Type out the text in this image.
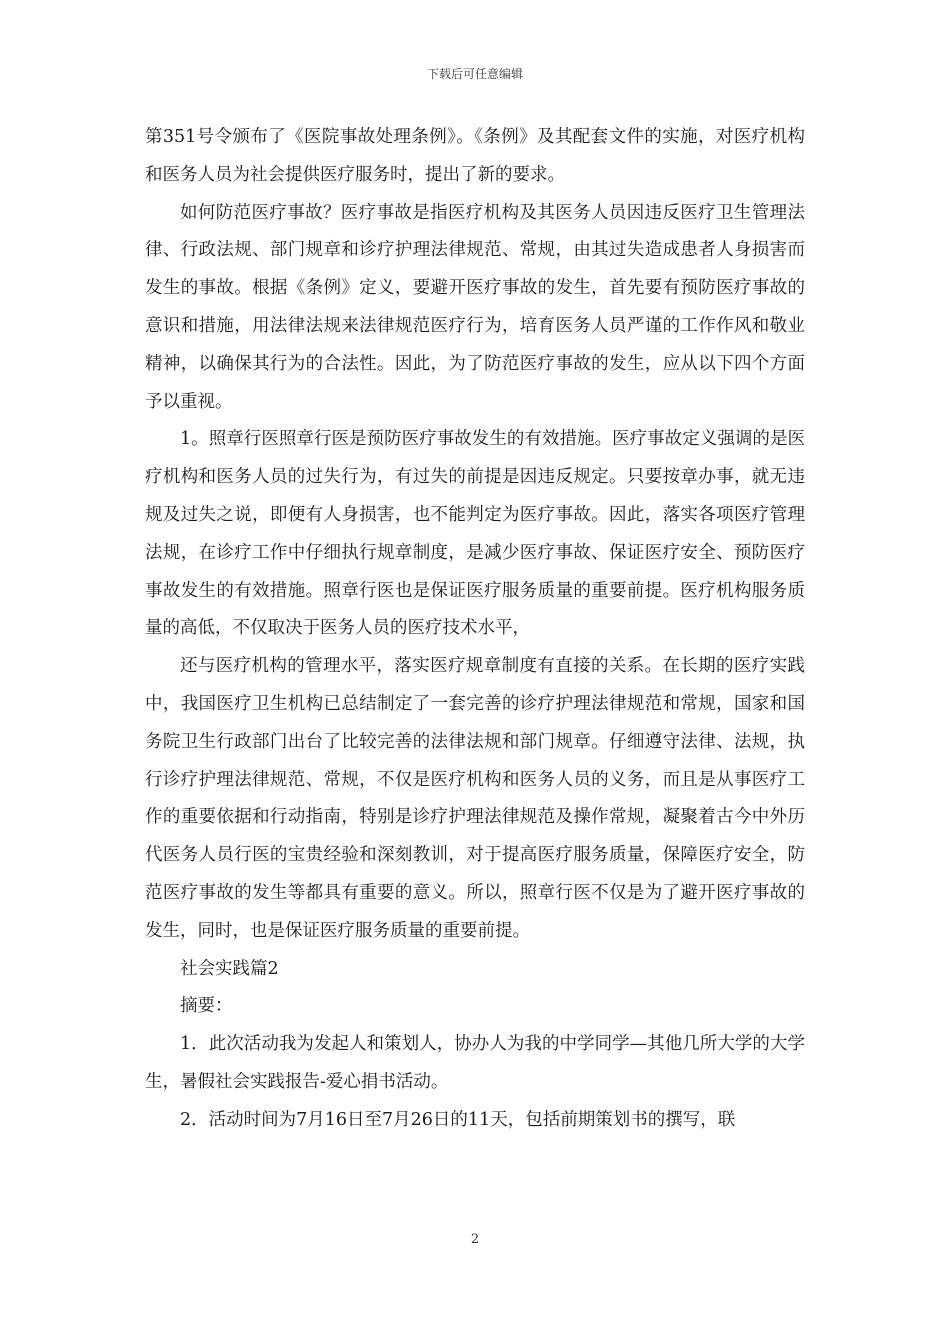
下载后可任意编辑

第351号令颁布了《医院事故处理条例》。《条例》及其配套文件的实施，对医疗机构和医务人员为社会提供医疗服务时，提出了新的要求。

如何防范医疗事故？医疗事故是指医疗机构及其医务人员因违反医疗卫生管理法律、行政法规、部门规章和诊疗护理法律规范、常规，由其过失造成患者人身损害而发生的事故。根据《条例》定义，要避开医疗事故的发生，首先要有预防医疗事故的意识和措施，用法律法规来法律规范医疗行为，培育医务人员严谨的工作作风和敬业精神，以确保其行为的合法性。因此，为了防范医疗事故的发生，应从以下四个方面予以重视。

1。照章行医照章行医是预防医疗事故发生的有效措施。医疗事故定义强调的是医疗机构和医务人员的过失行为，有过失的前提是因违反规定。只要按章办事，就无违规及过失之说，即便有人身损害，也不能判定为医疗事故。因此，落实各项医疗管理法规，在诊疗工作中仔细执行规章制度，是减少医疗事故、保证医疗安全、预防医疗事故发生的有效措施。照章行医也是保证医疗服务质量的重要前提。医疗机构服务质量的高低，不仅取决于医务人员的医疗技术水平，

还与医疗机构的管理水平，落实医疗规章制度有直接的关系。在长期的医疗实践中，我国医疗卫生机构已总结制定了一套完善的诊疗护理法律规范和常规，国家和国务院卫生行政部门出台了比较完善的法律法规和部门规章。仔细遵守法律、法规，执行诊疗护理法律规范、常规，不仅是医疗机构和医务人员的义务，而且是从事医疗工作的重要依据和行动指南，特别是诊疗护理法律规范及操作常规，凝聚着古今中外历代医务人员行医的宝贵经验和深刻教训，对于提高医疗服务质量，保障医疗安全，防范医疗事故的发生等都具有重要的意义。所以，照章行医不仅是为了避开医疗事故的发生，同时，也是保证医疗服务质量的重要前提。

社会实践篇2

摘要：

1．此次活动我为发起人和策划人，协办人为我的中学同学—其他几所大学的大学生，暑假社会实践报告-爱心捐书活动。

2．活动时间为7月16日至7月26日的11天，包括前期策划书的撰写，联

2
